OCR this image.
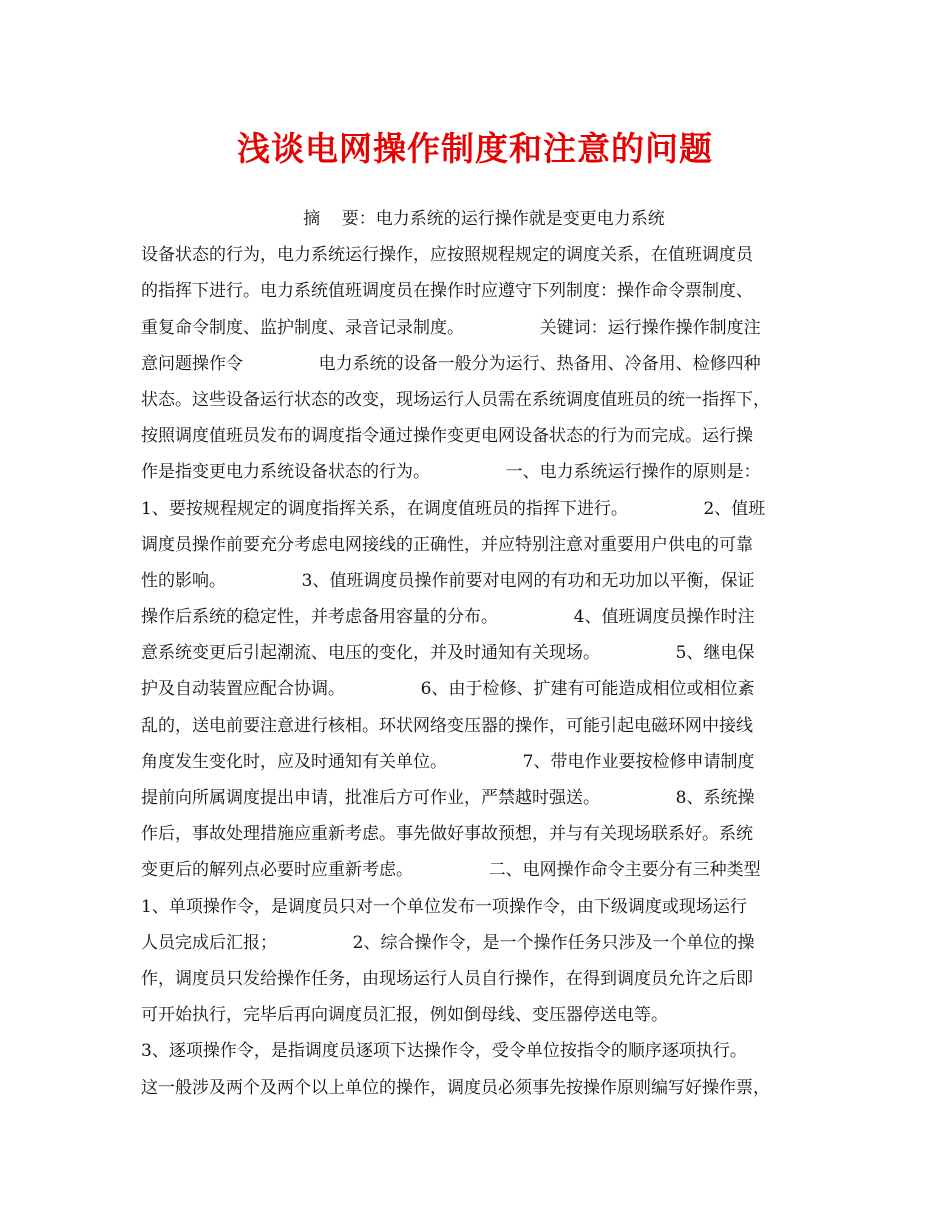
浅谈电网操作制度和注意的问题
摘    要：电力系统的运行操作就是变更电力系统
设备状态的行为，电力系统运行操作，应按照规程规定的调度关系，在值班调度员
的指挥下进行。电力系统值班调度员在操作时应遵守下列制度：操作命令票制度、
重复命令制度、监护制度、录音记录制度。              关键词：运行操作操作制度注
意问题操作令              电力系统的设备一般分为运行、热备用、冷备用、检修四种
状态。这些设备运行状态的改变，现场运行人员需在系统调度值班员的统一指挥下，
按照调度值班员发布的调度指令通过操作变更电网设备状态的行为而完成。运行操
作是指变更电力系统设备状态的行为。              一、电力系统运行操作的原则是：
1、要按规程规定的调度指挥关系，在调度值班员的指挥下进行。              2、值班
调度员操作前要充分考虑电网接线的正确性，并应特别注意对重要用户供电的可靠
性的影响。              3、值班调度员操作前要对电网的有功和无功加以平衡，保证
操作后系统的稳定性，并考虑备用容量的分布。              4、值班调度员操作时注
意系统变更后引起潮流、电压的变化，并及时通知有关现场。              5、继电保
护及自动装置应配合协调。              6、由于检修、扩建有可能造成相位或相位紊
乱的，送电前要注意进行核相。环状网络变压器的操作，可能引起电磁环网中接线
角度发生变化时，应及时通知有关单位。              7、带电作业要按检修申请制度
提前向所属调度提出申请，批准后方可作业，严禁越时强送。              8、系统操
作后，事故处理措施应重新考虑。事先做好事故预想，并与有关现场联系好。系统
变更后的解列点必要时应重新考虑。              二、电网操作命令主要分有三种类型
1、单项操作令，是调度员只对一个单位发布一项操作令，由下级调度或现场运行
人员完成后汇报；              2、综合操作令，是一个操作任务只涉及一个单位的操
作，调度员只发给操作任务，由现场运行人员自行操作，在得到调度员允许之后即
可开始执行，完毕后再向调度员汇报，例如倒母线、变压器停送电等。
3、逐项操作令，是指调度员逐项下达操作令，受令单位按指令的顺序逐项执行。
这一般涉及两个及两个以上单位的操作，调度员必须事先按操作原则编写好操作票，
